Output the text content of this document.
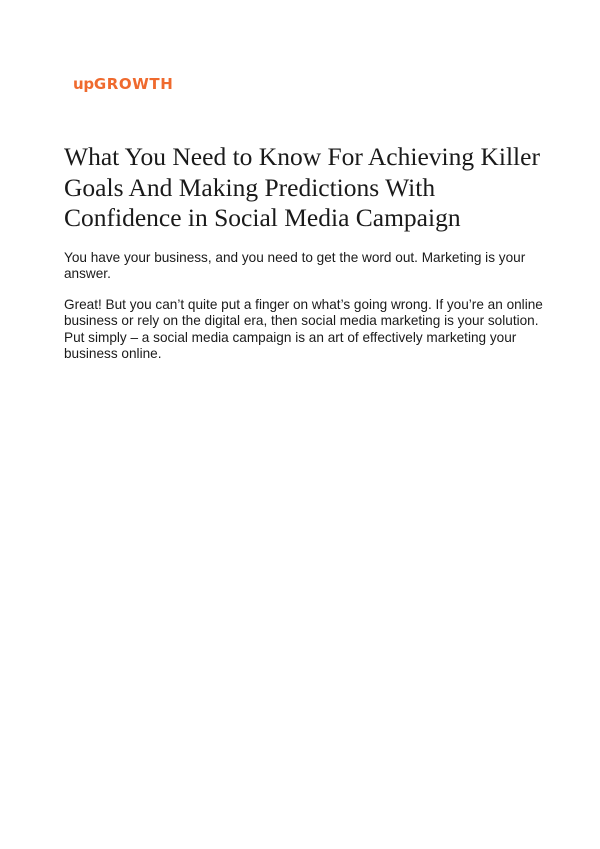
upGROWTH
What You Need to Know For Achieving Killer Goals And Making Predictions With Confidence in Social Media Campaign

You have your business, and you need to get the word out. Marketing is your answer.

Great! But you can’t quite put a finger on what’s going wrong. If you’re an online business or rely on the digital era, then social media marketing is your solution. Put simply – a social media campaign is an art of effectively marketing your business online.
